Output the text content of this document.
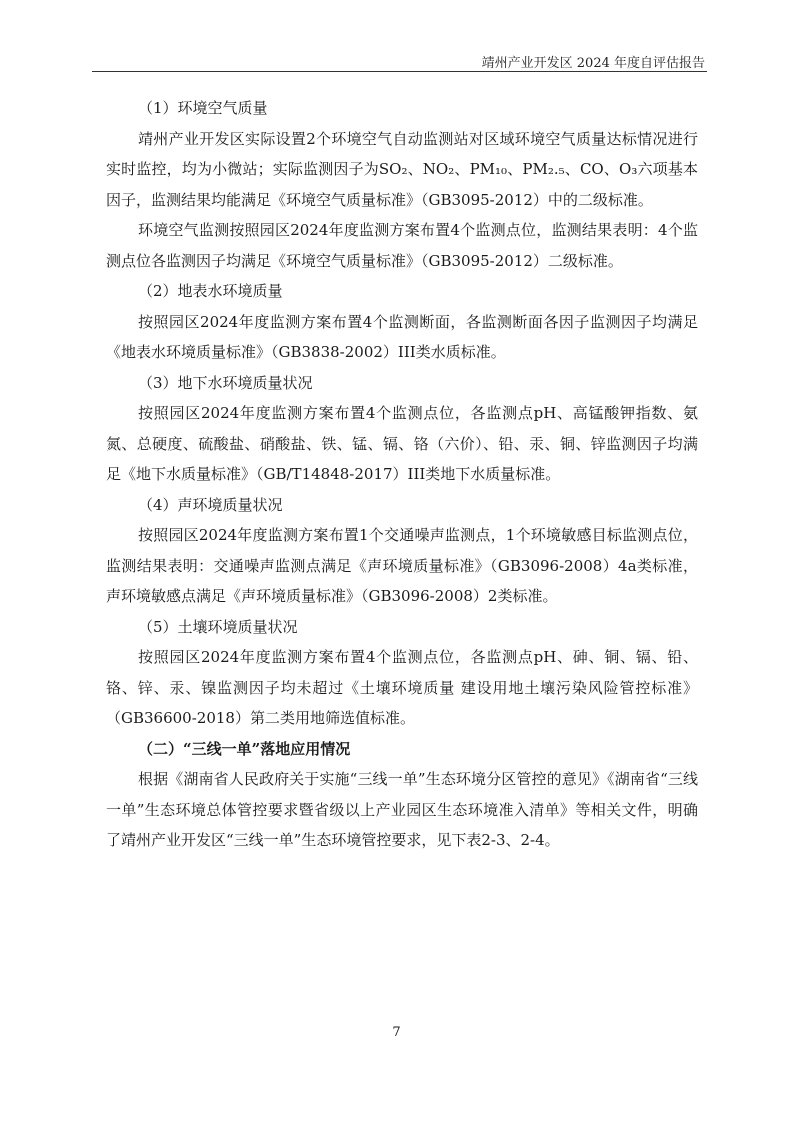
靖州产业开发区 2024 年度自评估报告

（1）环境空气质量

靖州产业开发区实际设置2个环境空气自动监测站对区域环境空气质量达标情况进行实时监控，均为小微站；实际监测因子为SO₂、NO₂、PM₁₀、PM₂.₅、CO、O₃六项基本因子，监测结果均能满足《环境空气质量标准》（GB3095-2012）中的二级标准。

环境空气监测按照园区2024年度监测方案布置4个监测点位，监测结果表明：4个监测点位各监测因子均满足《环境空气质量标准》（GB3095-2012）二级标准。

（2）地表水环境质量

按照园区2024年度监测方案布置4个监测断面，各监测断面各因子监测因子均满足《地表水环境质量标准》（GB3838-2002）III类水质标准。

（3）地下水环境质量状况

按照园区2024年度监测方案布置4个监测点位，各监测点pH、高锰酸钾指数、氨氮、总硬度、硫酸盐、硝酸盐、铁、锰、镉、铬（六价）、铅、汞、铜、锌监测因子均满足《地下水质量标准》（GB/T14848-2017）III类地下水质量标准。

（4）声环境质量状况

按照园区2024年度监测方案布置1个交通噪声监测点，1个环境敏感目标监测点位，监测结果表明：交通噪声监测点满足《声环境质量标准》（GB3096-2008）4a类标准，声环境敏感点满足《声环境质量标准》（GB3096-2008）2类标准。

（5）土壤环境质量状况

按照园区2024年度监测方案布置4个监测点位，各监测点pH、砷、铜、镉、铅、铬、锌、汞、镍监测因子均未超过《土壤环境质量 建设用地土壤污染风险管控标准》（GB36600-2018）第二类用地筛选值标准。

（二）“三线一单”落地应用情况

根据《湖南省人民政府关于实施“三线一单”生态环境分区管控的意见》《湖南省“三线一单”生态环境总体管控要求暨省级以上产业园区生态环境准入清单》等相关文件，明确了靖州产业开发区“三线一单”生态环境管控要求，见下表2-3、2-4。

7
